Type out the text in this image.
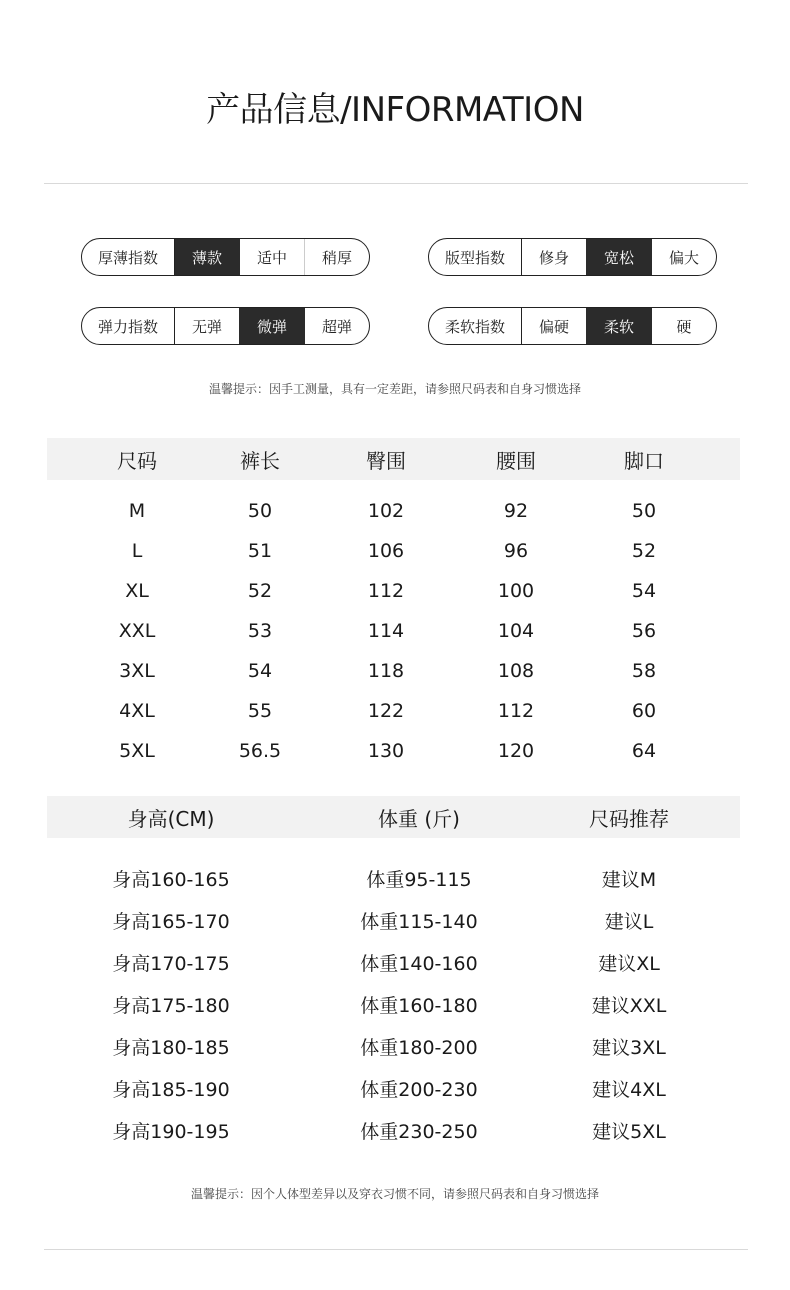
产品信息/INFORMATION
厚薄指数	薄款	适中	稍厚	版型指数	修身	宽松	偏大
弹力指数	无弹	微弹	超弹	柔软指数	偏硬	柔软	硬
温馨提示：因手工测量，具有一定差距，请参照尺码表和自身习惯选择
尺码	裤长	臀围	腰围	脚口
M	50	102	92	50
L	51	106	96	52
XL	52	112	100	54
XXL	53	114	104	56
3XL	54	118	108	58
4XL	55	122	112	60
5XL	56.5	130	120	64
身高(CM)	体重 (斤)	尺码推荐
身高160-165	体重95-115	建议M
身高165-170	体重115-140	建议L
身高170-175	体重140-160	建议XL
身高175-180	体重160-180	建议XXL
身高180-185	体重180-200	建议3XL
身高185-190	体重200-230	建议4XL
身高190-195	体重230-250	建议5XL
温馨提示：因个人体型差异以及穿衣习惯不同，请参照尺码表和自身习惯选择
